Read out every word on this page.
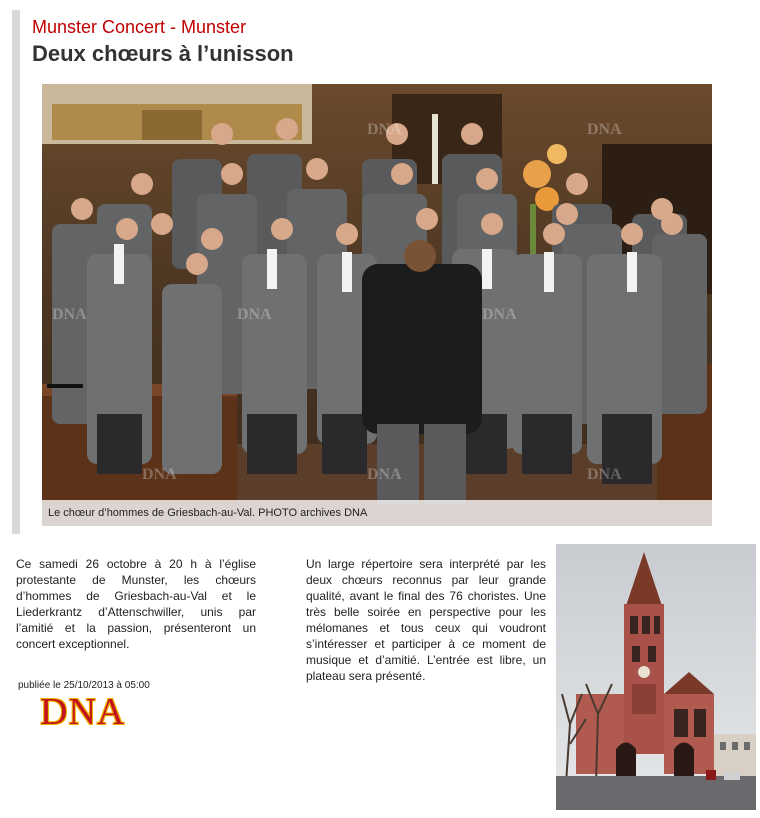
Munster Concert - Munster
Deux chœurs à l’unisson
DNA	DNA
DNA	DNA
DNA
DNA	DNA
DNA
Le chœur d’hommes de Griesbach-au-Val. PHOTO archives DNA
Ce samedi 26 octobre à 20 h à l’église protestante de Munster, les chœurs d’hommes de Griesbach-au-Val et le Liederkrantz d’Attenschwiller, unis par l’amitié et la passion, présenteront un concert exceptionnel.
Un large répertoire sera interprété par les deux chœurs reconnus par leur grande qualité, avant le final des 76 choristes. Une très belle soirée en perspective pour les mélomanes et tous ceux qui voudront s’intéresser et participer à ce moment de musique et d’amitié. L’entrée est libre, un plateau sera présenté.
publiée le 25/10/2013 à 05:00
DNA
